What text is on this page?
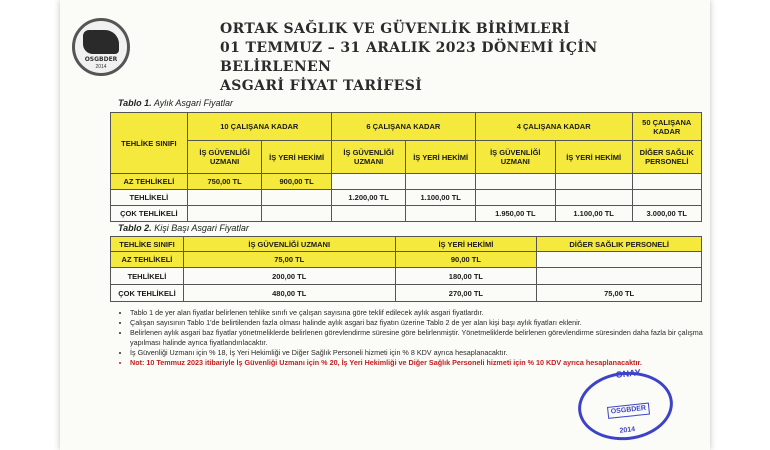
OSGBDER
2014
ORTAK SAĞLIK VE GÜVENLİK BİRİMLERİ
01 TEMMUZ – 31 ARALIK 2023 DÖNEMİ İÇİN BELİRLENEN
ASGARİ FİYAT TARİFESİ
Tablo 1. Aylık Asgari Fiyatlar
TEHLİKE SINIFI	10 ÇALIŞANA KADAR		6 ÇALIŞANA KADAR		4 ÇALIŞANA KADAR		50 ÇALIŞANA KADAR
	İŞ GÜVENLİĞİ UZMANI	İŞ YERİ HEKİMİ	İŞ GÜVENLİĞİ UZMANI	İŞ YERİ HEKİMİ	İŞ GÜVENLİĞİ UZMANI	İŞ YERİ HEKİMİ	DİĞER SAĞLIK PERSONELİ
AZ TEHLİKELİ	750,00 TL	900,00 TL					
TEHLİKELİ			1.200,00 TL	1.100,00 TL			
ÇOK TEHLİKELİ					1.950,00 TL	1.100,00 TL	3.000,00 TL
Tablo 2. Kişi Başı Asgari Fiyatlar
TEHLİKE SINIFI	İŞ GÜVENLİĞİ UZMANI	İŞ YERİ HEKİMİ	DİĞER SAĞLIK PERSONELİ
AZ TEHLİKELİ	75,00 TL	90,00 TL	
TEHLİKELİ	200,00 TL	180,00 TL	
ÇOK TEHLİKELİ	480,00 TL	270,00 TL	75,00 TL
• Tablo 1 de yer alan fiyatlar belirlenen tehlike sınıfı ve çalışan sayısına göre teklif edilecek aylık asgari fiyatlardır.
• Çalışan sayısının Tablo 1'de belirtilenden fazla olması halinde aylık asgari baz fiyatın üzerine Tablo 2 de yer alan kişi başı aylık fiyatları eklenir.
• Belirlenen aylık asgari baz fiyatlar yönetmeliklerde belirlenen görevlendirme süresine göre belirlenmiştir. Yönetmeliklerde belirlenen görevlendirme süresinden daha fazla bir çalışma yapılması halinde ayrıca fiyatlandırılacaktır.
• İş Güvenliği Uzmanı için % 18, İş Yeri Hekimliği ve Diğer Sağlık Personeli hizmeti için % 8 KDV ayrıca hesaplanacaktır.
• Not: 10 Temmuz 2023 itibariyle İş Güvenliği Uzmanı için % 20, İş Yeri Hekimliği ve Diğer Sağlık Personeli hizmeti için % 10 KDV ayrıca hesaplanacaktır.
ONAY
OSGBDER
2014
